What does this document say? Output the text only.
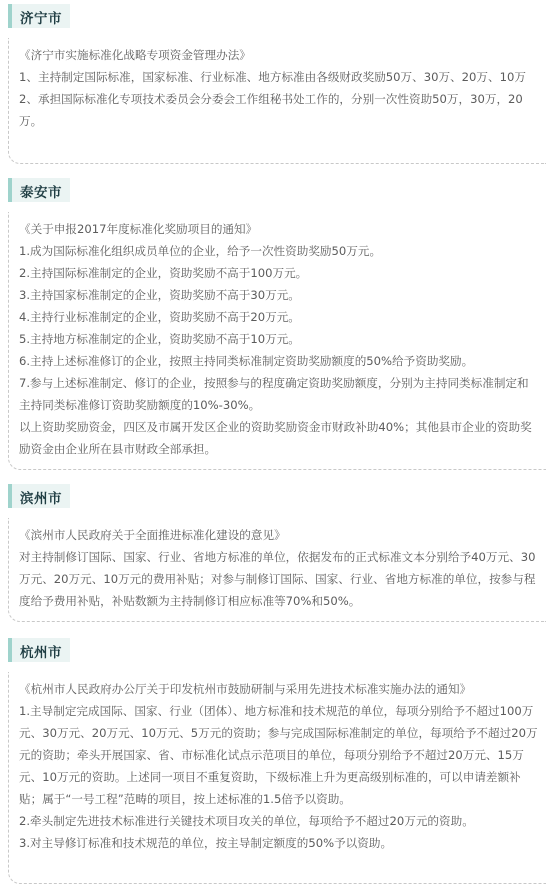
济宁市

《济宁市实施标准化战略专项资金管理办法》

1、主持制定国际标准，国家标准、行业标准、地方标准由各级财政奖励50万、30万、20万、10万

2、承担国际标准化专项技术委员会分委会工作组秘书处工作的，分别一次性资助50万，30万，20万。

泰安市

《关于申报2017年度标准化奖励项目的通知》

1.成为国际标准化组织成员单位的企业，给予一次性资助奖励50万元。

2.主持国际标准制定的企业，资助奖励不高于100万元。

3.主持国家标准制定的企业，资助奖励不高于30万元。

4.主持行业标准制定的企业，资助奖励不高于20万元。

5.主持地方标准制定的企业，资助奖励不高于10万元。

6.主持上述标准修订的企业，按照主持同类标准制定资助奖励额度的50%给予资助奖励。

7.参与上述标准制定、修订的企业，按照参与的程度确定资助奖励额度，分别为主持同类标准制定和主持同类标准修订资助奖励额度的10%-30%。

以上资助奖励资金，四区及市属开发区企业的资助奖励资金市财政补助40%；其他县市企业的资助奖励资金由企业所在县市财政全部承担。

滨州市

《滨州市人民政府关于全面推进标准化建设的意见》

对主持制修订国际、国家、行业、省地方标准的单位，依据发布的正式标准文本分别给予40万元、30万元、20万元、10万元的费用补贴；对参与制修订国际、国家、行业、省地方标准的单位，按参与程度给予费用补贴，补贴数额为主持制修订相应标准等70%和50%。

杭州市

《杭州市人民政府办公厅关于印发杭州市鼓励研制与采用先进技术标准实施办法的通知》

1.主导制定完成国际、国家、行业（团体）、地方标准和技术规范的单位，每项分别给予不超过100万元、30万元、20万元、10万元、5万元的资助；参与完成国际标准制定的单位，每项给予不超过20万元的资助；牵头开展国家、省、市标准化试点示范项目的单位，每项分别给予不超过20万元、15万元、10万元的资助。上述同一项目不重复资助，下级标准上升为更高级别标准的，可以申请差额补贴；属于“一号工程”范畴的项目，按上述标准的1.5倍予以资助。

2.牵头制定先进技术标准进行关键技术项目攻关的单位，每项给予不超过20万元的资助。

3.对主导修订标准和技术规范的单位，按主导制定额度的50%予以资助。
